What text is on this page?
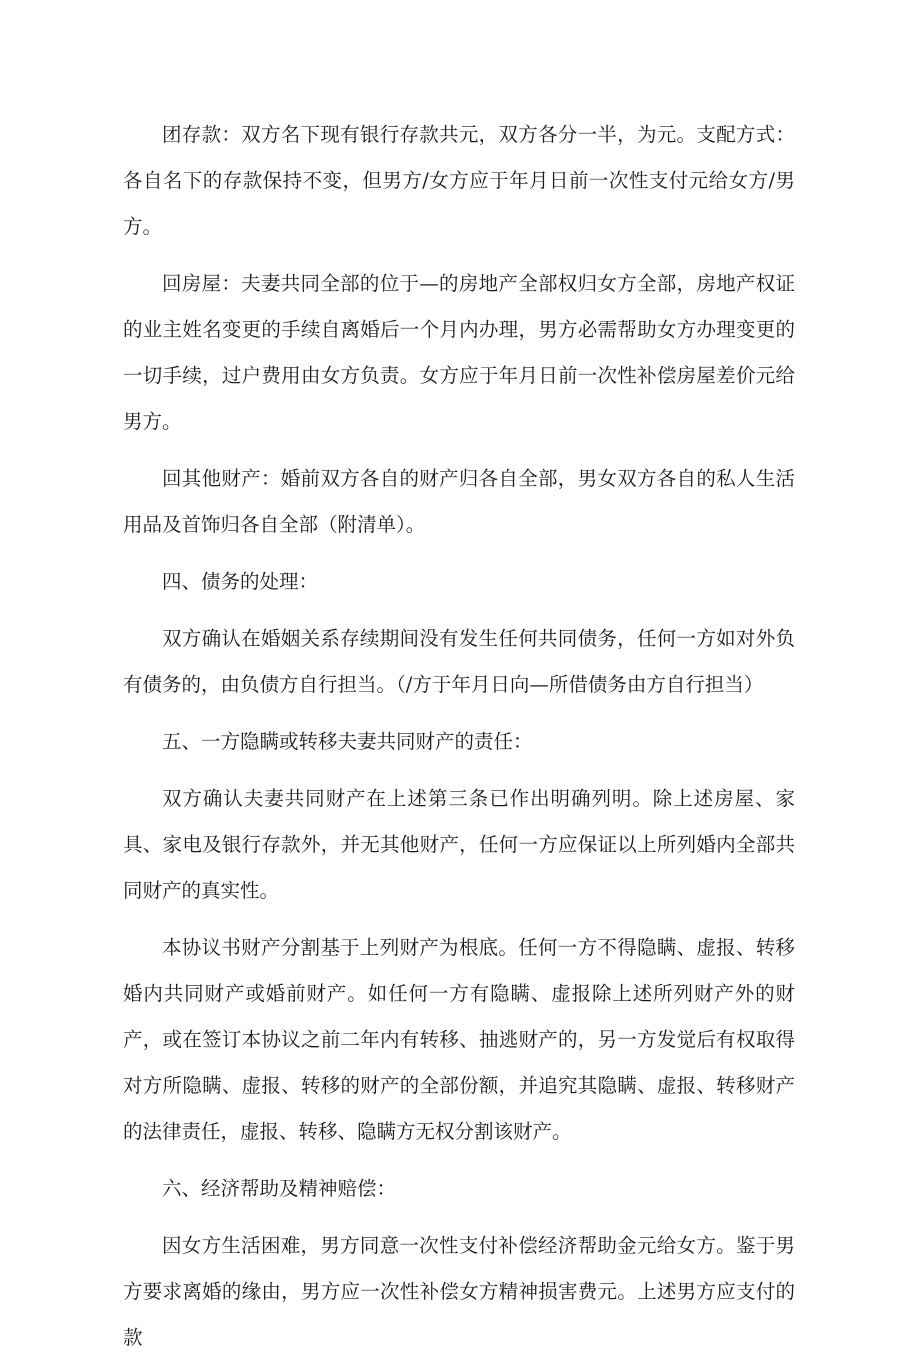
团存款：双方名下现有银行存款共元，双方各分一半，为元。支配方式：各自名下的存款保持不变，但男方/女方应于年月日前一次性支付元给女方/男方。

回房屋：夫妻共同全部的位于—的房地产全部权归女方全部，房地产权证的业主姓名变更的手续自离婚后一个月内办理，男方必需帮助女方办理变更的一切手续，过户费用由女方负责。女方应于年月日前一次性补偿房屋差价元给男方。

回其他财产：婚前双方各自的财产归各自全部，男女双方各自的私人生活用品及首饰归各自全部（附清单）。

四、债务的处理：

双方确认在婚姻关系存续期间没有发生任何共同债务，任何一方如对外负有债务的，由负债方自行担当。（/方于年月日向—所借债务由方自行担当）

五、一方隐瞒或转移夫妻共同财产的责任：

双方确认夫妻共同财产在上述第三条已作出明确列明。除上述房屋、家具、家电及银行存款外，并无其他财产，任何一方应保证以上所列婚内全部共同财产的真实性。

本协议书财产分割基于上列财产为根底。任何一方不得隐瞒、虚报、转移婚内共同财产或婚前财产。如任何一方有隐瞒、虚报除上述所列财产外的财产，或在签订本协议之前二年内有转移、抽逃财产的，另一方发觉后有权取得对方所隐瞒、虚报、转移的财产的全部份额，并追究其隐瞒、虚报、转移财产的法律责任，虚报、转移、隐瞒方无权分割该财产。

六、经济帮助及精神赔偿：

因女方生活困难，男方同意一次性支付补偿经济帮助金元给女方。鉴于男方要求离婚的缘由，男方应一次性补偿女方精神损害费元。上述男方应支付的款
